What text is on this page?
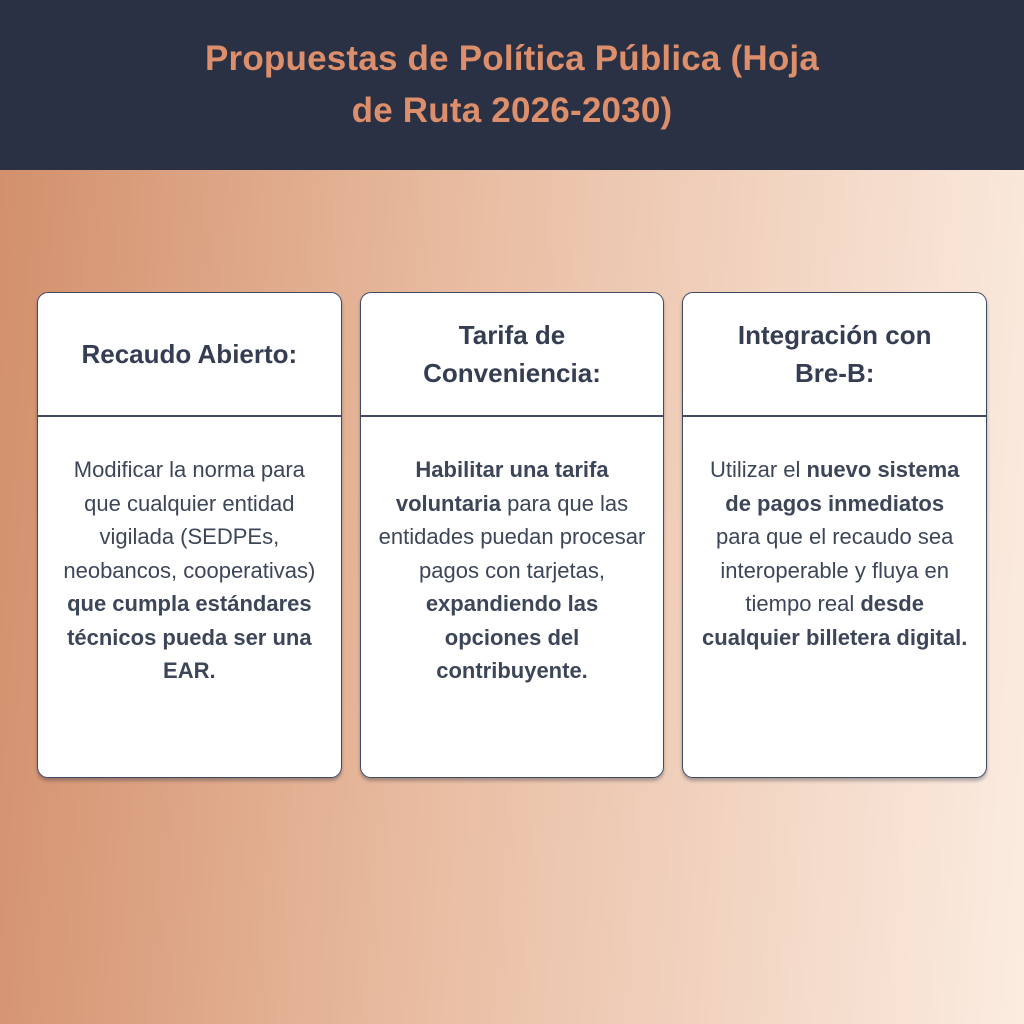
Propuestas de Política Pública (Hoja de Ruta 2026-2030)
Recaudo Abierto:
Modificar la norma para que cualquier entidad vigilada (SEDPEs, neobancos, cooperativas) que cumpla estándares técnicos pueda ser una EAR.
Tarifa de Conveniencia:
Habilitar una tarifa voluntaria para que las entidades puedan procesar pagos con tarjetas, expandiendo las opciones del contribuyente.
Integración con Bre-B:
Utilizar el nuevo sistema de pagos inmediatos para que el recaudo sea interoperable y fluya en tiempo real desde cualquier billetera digital.
